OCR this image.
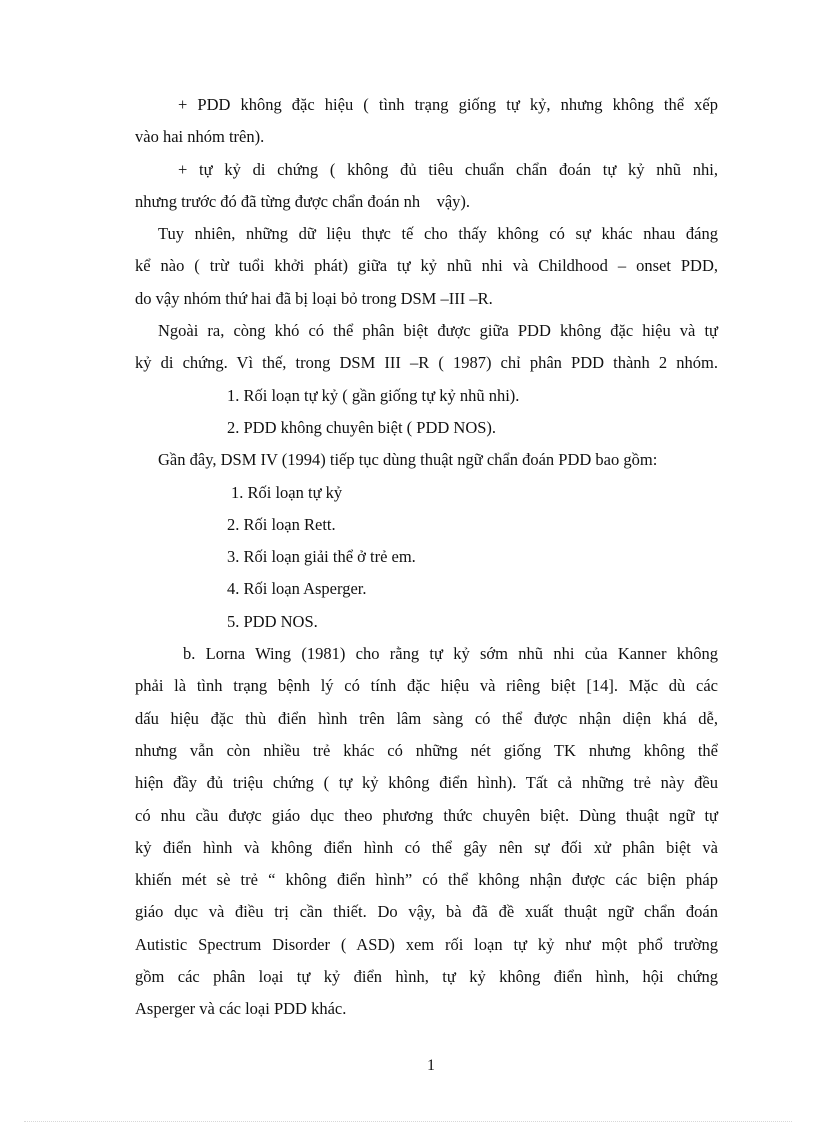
+ PDD không đặc hiệu ( tình trạng giống tự kỷ, nhưng không thể xếp
vào hai nhóm trên).
+ tự kỷ di chứng ( không đủ tiêu chuẩn chẩn đoán tự kỷ nhũ nhi,
nhưng trước đó đã từng được chẩn đoán nh    vậy).
Tuy nhiên, những dữ liệu thực tế cho thấy không có sự khác nhau đáng
kể nào ( trừ tuổi khởi phát) giữa tự kỷ nhũ nhi và Childhood – onset PDD,
do vậy nhóm thứ hai đã bị loại bỏ trong DSM –III –R.
Ngoài ra, còng khó có thể phân biệt được giữa PDD không đặc hiệu và tự
kỷ di chứng. Vì thế, trong DSM III –R ( 1987) chỉ phân PDD thành 2 nhóm.
1. Rối loạn tự kỷ ( gần giống tự kỷ nhũ nhi).
2. PDD không chuyên biệt ( PDD NOS).
Gần đây, DSM IV (1994) tiếp tục dùng thuật ngữ chẩn đoán PDD bao gồm:
1. Rối loạn tự kỷ
2. Rối loạn Rett.
3. Rối loạn giải thể ở trẻ em.
4. Rối loạn Asperger.
5. PDD NOS.
b. Lorna Wing (1981) cho rằng tự kỷ sớm nhũ nhi của Kanner không
phải là tình trạng bệnh lý có tính đặc hiệu và riêng biệt [14]. Mặc dù các
dấu hiệu đặc thù điển hình trên lâm sàng có thể được nhận diện khá dễ,
nhưng vẫn còn nhiều trẻ khác có những nét giống TK nhưng không thể
hiện đầy đủ triệu chứng ( tự kỷ không điển hình). Tất cả những trẻ này đều
có nhu cầu được giáo dục theo phương thức chuyên biệt. Dùng thuật ngữ tự
kỷ điển hình và không điển hình có thể gây nên sự đối xử phân biệt và
khiến mét sè trẻ “ không điển hình” có thể không nhận được các biện pháp
giáo dục và điều trị cần thiết. Do vậy, bà đã đề xuất thuật ngữ chẩn đoán
Autistic Spectrum Disorder ( ASD) xem rối loạn tự kỷ như một phổ trường
gồm các phân loại tự kỷ điển hình, tự kỷ không điển hình, hội chứng
Asperger và các loại PDD khác.
1
